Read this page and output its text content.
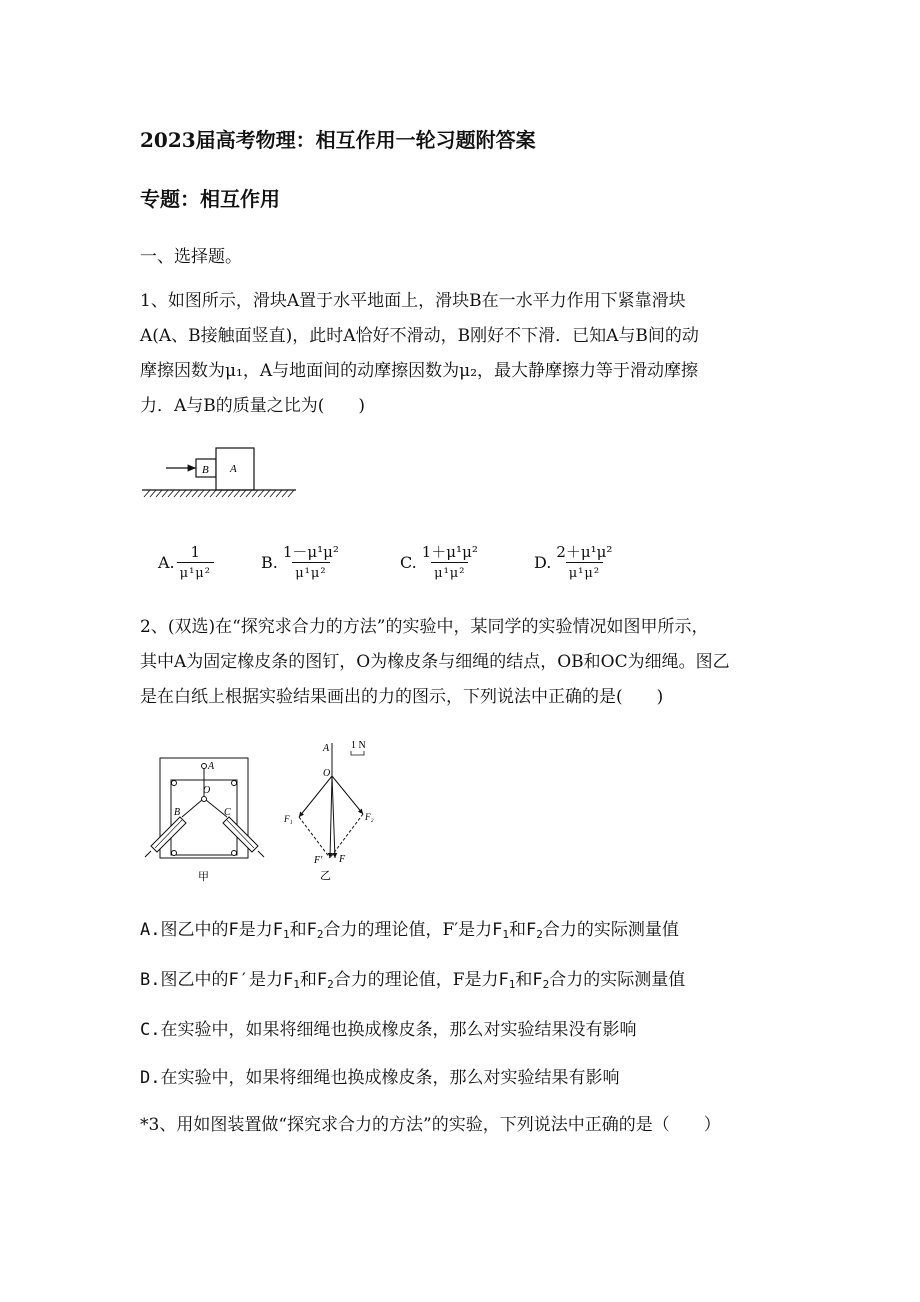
2023届高考物理：相互作用一轮习题附答案
专题：相互作用
一、选择题。
1、如图所示，滑块A置于水平地面上，滑块B在一水平力作用下紧靠滑块
A(A、B接触面竖直)，此时A恰好不滑动，B刚好不下滑．已知A与B间的动
摩擦因数为μ₁，A与地面间的动摩擦因数为μ₂，最大静摩擦力等于滑动摩擦
力．A与B的质量之比为(　　)
B A
A. $\frac{1}{\text{μ¹μ²}}$	B. $\frac{\text{1－μ¹μ²}}{\text{μ¹μ²}}$	C. $\frac{\text{1＋μ¹μ²}}{\text{μ¹μ²}}$	D. $\frac{\text{2＋μ¹μ²}}{\text{μ¹μ²}}$
2、(双选)在“探究求合力的方法”的实验中，某同学的实验情况如图甲所示，
其中A为固定橡皮条的图钉，O为橡皮条与细绳的结点，OB和OC为细绳。图乙
是在白纸上根据实验结果画出的力的图示，下列说法中正确的是(　　)
A
O
B	C
甲
A 1 N
O
F₁	F₂
F′ F
乙
A.图乙中的F是力$F_1$和$F_2$合力的理论值，F′是力$F_1$和$F_2$合力的实际测量值
B.图乙中的F′是力$F_1$和$F_2$合力的理论值，F是力$F_1$和$F_2$合力的实际测量值
C.在实验中，如果将细绳也换成橡皮条，那么对实验结果没有影响
D.在实验中，如果将细绳也换成橡皮条，那么对实验结果有影响
*3、用如图装置做“探究求合力的方法”的实验，下列说法中正确的是（　　）
